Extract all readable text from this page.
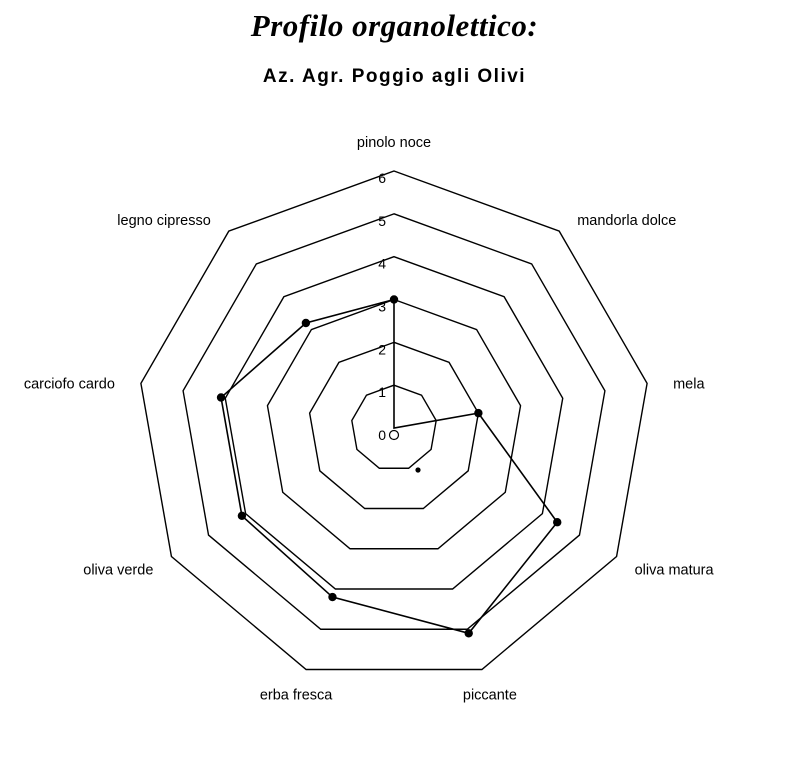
Profilo organolettico:
Az. Agr. Poggio agli Olivi
0
1
2
3
4
5
6
pinolo noce
mandorla dolce
mela
oliva matura
piccante
erba fresca
oliva verde
carciofo cardo
legno cipresso
